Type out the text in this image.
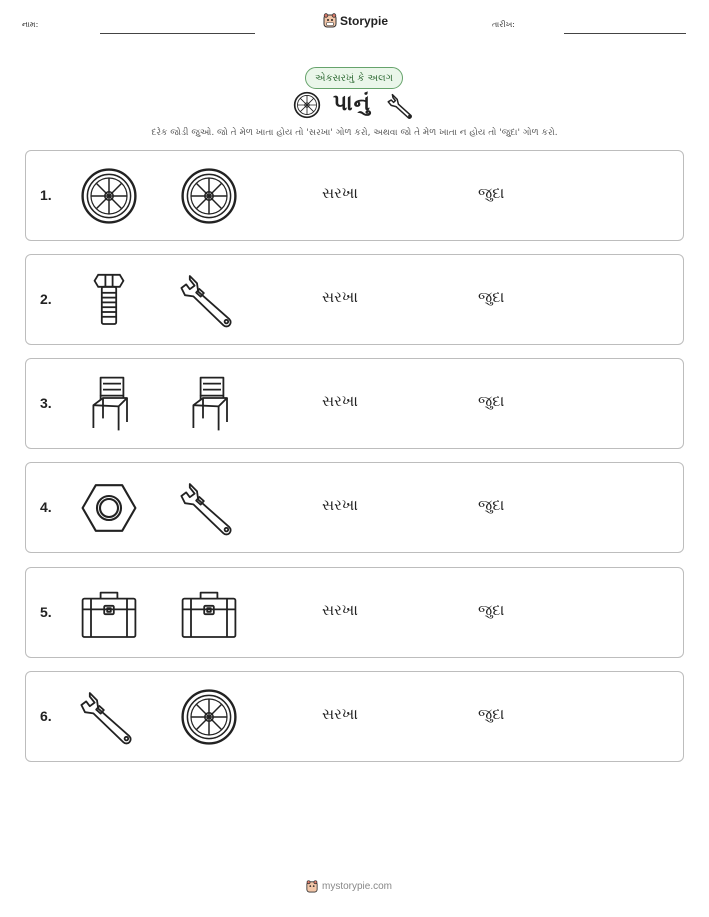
નામ:	Storypie	તારીખ:
એકસરખું કે અલગ
પાનું
દરેક જોડી જુઓ. જો તે મેળ ખાતા હોય તો 'સરખા' ગોળ કરો, અથવા જો તે મેળ ખાતા ન હોય તો 'જુદા' ગોળ કરો.
1.	સરખા	જુદા
2.	સરખા	જુદા
3.	સરખા	જુદા
4.	સરખા	જુદા
5.	સરખા	જુદા
6.	સરખા	જુદા
mystorypie.com
